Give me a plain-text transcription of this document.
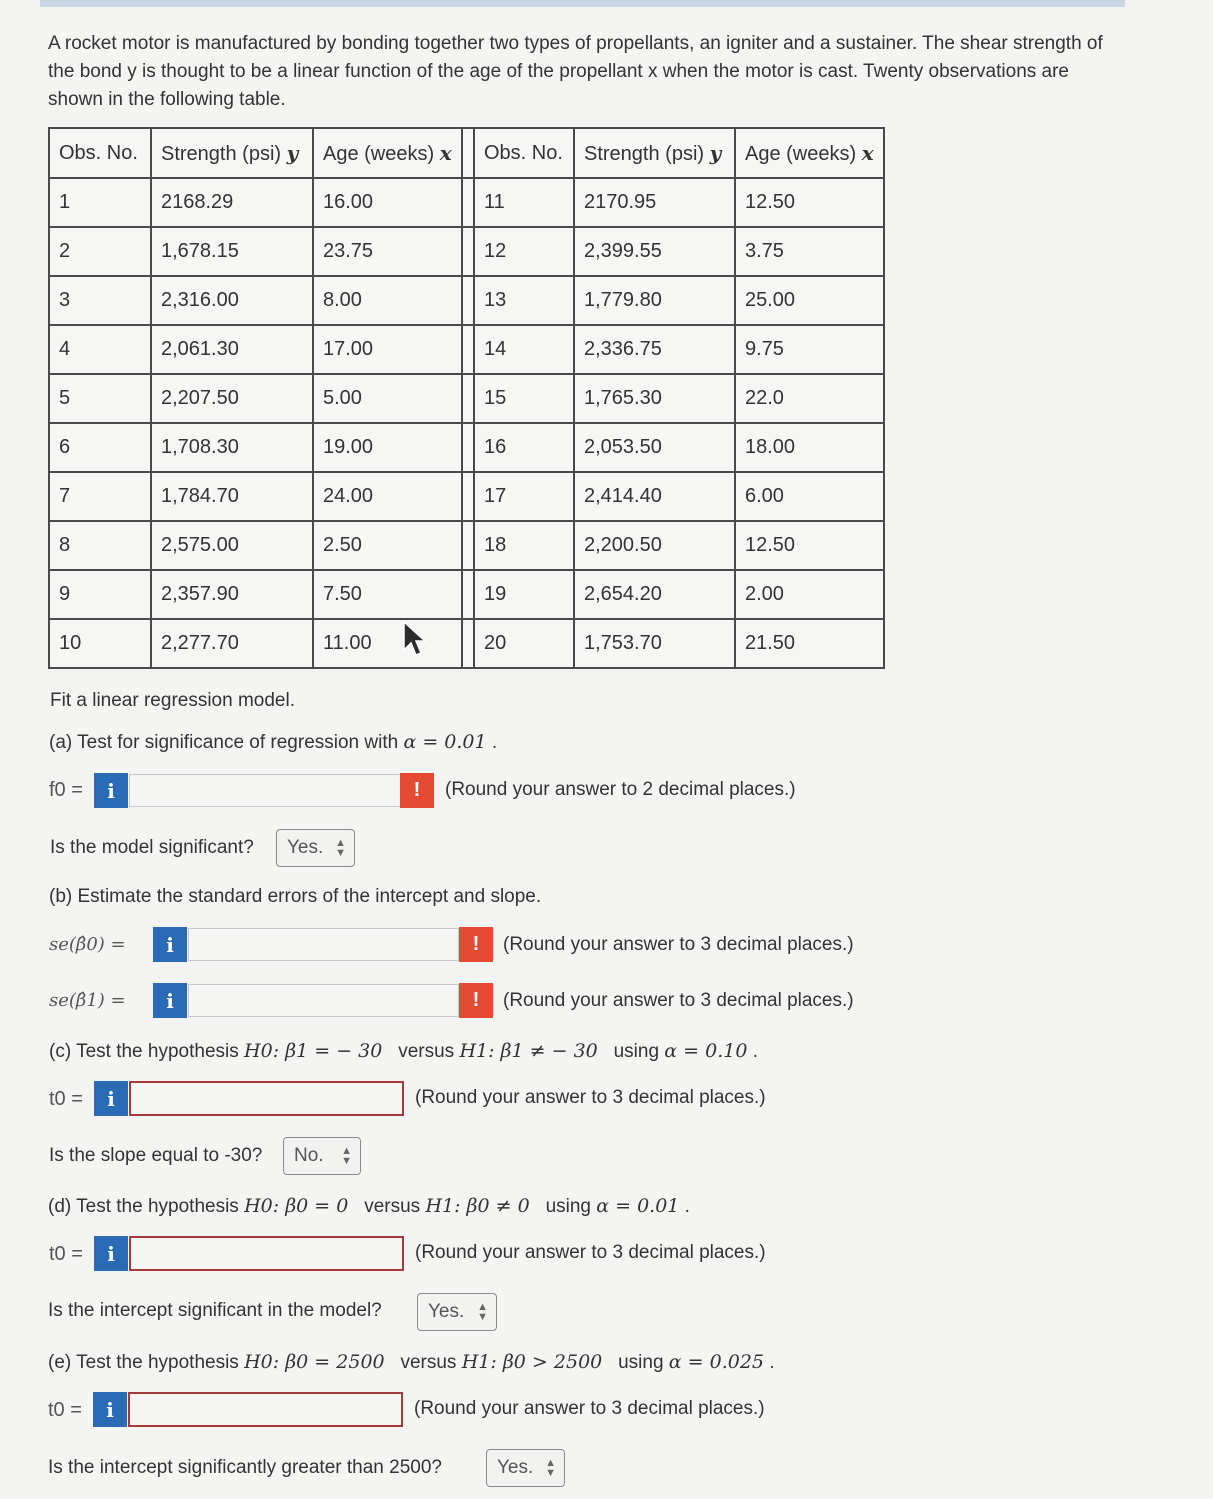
A rocket motor is manufactured by bonding together two types of propellants, an igniter and a sustainer. The shear strength of the bond y is thought to be a linear function of the age of the propellant x when the motor is cast. Twenty observations are shown in the following table.
Obs. No.	Strength (psi) y	Age (weeks) x		Obs. No.	Strength (psi) y	Age (weeks) x
1	2168.29	16.00		11	2170.95	12.50
2	1,678.15	23.75		12	2,399.55	3.75
3	2,316.00	8.00		13	1,779.80	25.00
4	2,061.30	17.00		14	2,336.75	9.75
5	2,207.50	5.00		15	1,765.30	22.0
6	1,708.30	19.00		16	2,053.50	18.00
7	1,784.70	24.00		17	2,414.40	6.00
8	2,575.00	2.50		18	2,200.50	12.50
9	2,357.90	7.50		19	2,654.20	2.00
10	2,277.70	11.00		20	1,753.70	21.50
Fit a linear regression model.
(a) Test for significance of regression with α = 0.01 .
f0 =	i	!	(Round your answer to 2 decimal places.)
Is the model significant? Yes. ▲
▼
(b) Estimate the standard errors of the intercept and slope.
se(β̂0) =	i	!	(Round your answer to 3 decimal places.)
se(β̂1) =	i	!	(Round your answer to 3 decimal places.)
(c) Test the hypothesis H0: β1 = − 30 versus H1: β1 ≠ − 30 using α = 0.10 .
t0 =	i	(Round your answer to 3 decimal places.)
Is the slope equal to -30? No. ▲
▼
(d) Test the hypothesis H0: β0 = 0 versus H1: β0 ≠ 0 using α = 0.01 .
t0 =	i	(Round your answer to 3 decimal places.)
Is the intercept significant in the model? Yes. ▲
▼
(e) Test the hypothesis H0: β0 = 2500 versus H1: β0 > 2500 using α = 0.025 .
t0 =	i	(Round your answer to 3 decimal places.)
Is the intercept significantly greater than 2500?	Yes. ▲
▼
